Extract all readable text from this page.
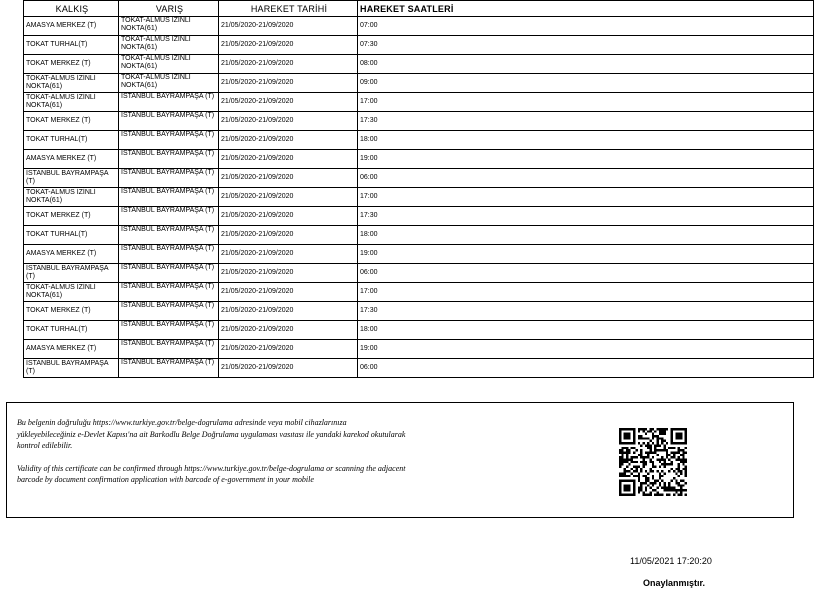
KALKIŞ	VARIŞ	HAREKET TARİHİ	HAREKET SAATLERİ
AMASYA MERKEZ (T)	TOKAT-ALMUS İZİNLİ NOKTA(61)	21/05/2020-21/09/2020	07:00
TOKAT TURHAL(T)	TOKAT-ALMUS İZİNLİ NOKTA(61)	21/05/2020-21/09/2020	07:30
TOKAT MERKEZ (T)	TOKAT-ALMUS İZİNLİ NOKTA(61)	21/05/2020-21/09/2020	08:00
TOKAT-ALMUS İZİNLİ NOKTA(61)	TOKAT-ALMUS İZİNLİ NOKTA(61)	21/05/2020-21/09/2020	09:00
TOKAT-ALMUS İZİNLİ NOKTA(61)	İSTANBUL BAYRAMPAŞA (T)	21/05/2020-21/09/2020	17:00
TOKAT MERKEZ (T)	İSTANBUL BAYRAMPAŞA (T)	21/05/2020-21/09/2020	17:30
TOKAT TURHAL(T)	İSTANBUL BAYRAMPAŞA (T)	21/05/2020-21/09/2020	18:00
AMASYA MERKEZ (T)	İSTANBUL BAYRAMPAŞA (T)	21/05/2020-21/09/2020	19:00
İSTANBUL BAYRAMPAŞA (T)	İSTANBUL BAYRAMPAŞA (T)	21/05/2020-21/09/2020	06:00
TOKAT-ALMUS İZİNLİ NOKTA(61)	İSTANBUL BAYRAMPAŞA (T)	21/05/2020-21/09/2020	17:00
TOKAT MERKEZ (T)	İSTANBUL BAYRAMPAŞA (T)	21/05/2020-21/09/2020	17:30
TOKAT TURHAL(T)	İSTANBUL BAYRAMPAŞA (T)	21/05/2020-21/09/2020	18:00
AMASYA MERKEZ (T)	İSTANBUL BAYRAMPAŞA (T)	21/05/2020-21/09/2020	19:00
İSTANBUL BAYRAMPAŞA (T)	İSTANBUL BAYRAMPAŞA (T)	21/05/2020-21/09/2020	06:00
TOKAT-ALMUS İZİNLİ NOKTA(61)	İSTANBUL BAYRAMPAŞA (T)	21/05/2020-21/09/2020	17:00
TOKAT MERKEZ (T)	İSTANBUL BAYRAMPAŞA (T)	21/05/2020-21/09/2020	17:30
TOKAT TURHAL(T)	İSTANBUL BAYRAMPAŞA (T)	21/05/2020-21/09/2020	18:00
AMASYA MERKEZ (T)	İSTANBUL BAYRAMPAŞA (T)	21/05/2020-21/09/2020	19:00
İSTANBUL BAYRAMPAŞA (T)	İSTANBUL BAYRAMPAŞA (T)	21/05/2020-21/09/2020	06:00

Bu belgenin doğruluğu https://www.turkiye.gov.tr/belge-dogrulama adresinde veya mobil cihazlarınıza yükleyebileceğiniz e-Devlet Kapısı'na ait Barkodlu Belge Doğrulama uygulaması vasıtası ile yandaki karekod okutularak kontrol edilebilir.

Validity of this certificate can be confirmed through https://www.turkiye.gov.tr/belge-dogrulama or scanning the adjacent barcode by document confirmation application with barcode of e-government in your mobile

11/05/2021 17:20:20
Onaylanmıştır.
